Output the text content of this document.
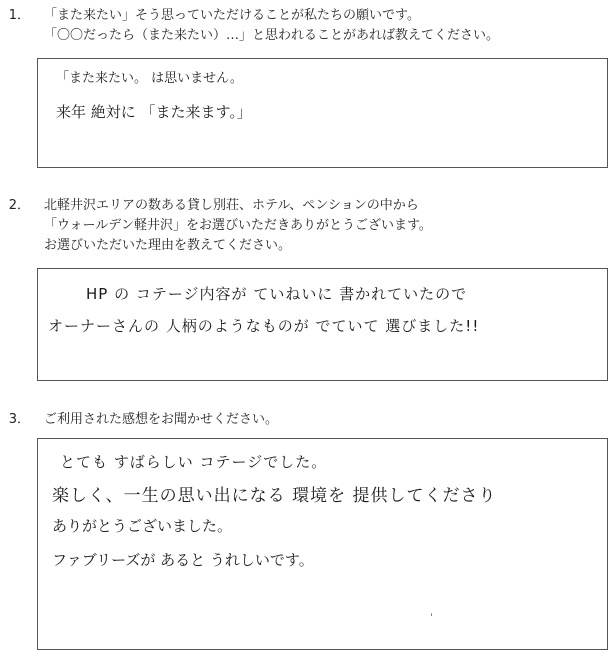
1． 「また来たい」そう思っていただけることが私たちの願いです。
「〇〇だったら（また来たい）…」と思われることがあれば教えてください。
「また来たい。 は思いません。
来年 絶対に 「また来ます。」
2． 北軽井沢エリアの数ある貸し別荘、ホテル、ペンションの中から
「ウォールデン軽井沢」をお選びいただきありがとうございます。
お選びいただいた理由を教えてください。
HP の コテージ内容が ていねいに 書かれていたので
オーナーさんの 人柄のようなものが でていて 選びました!!
3． ご利用された感想をお聞かせください。
とても すばらしい コテージでした。
楽しく、一生の思い出になる 環境を 提供してくださり
ありがとうございました。
ファブリーズが あると うれしいです。
ˈ
